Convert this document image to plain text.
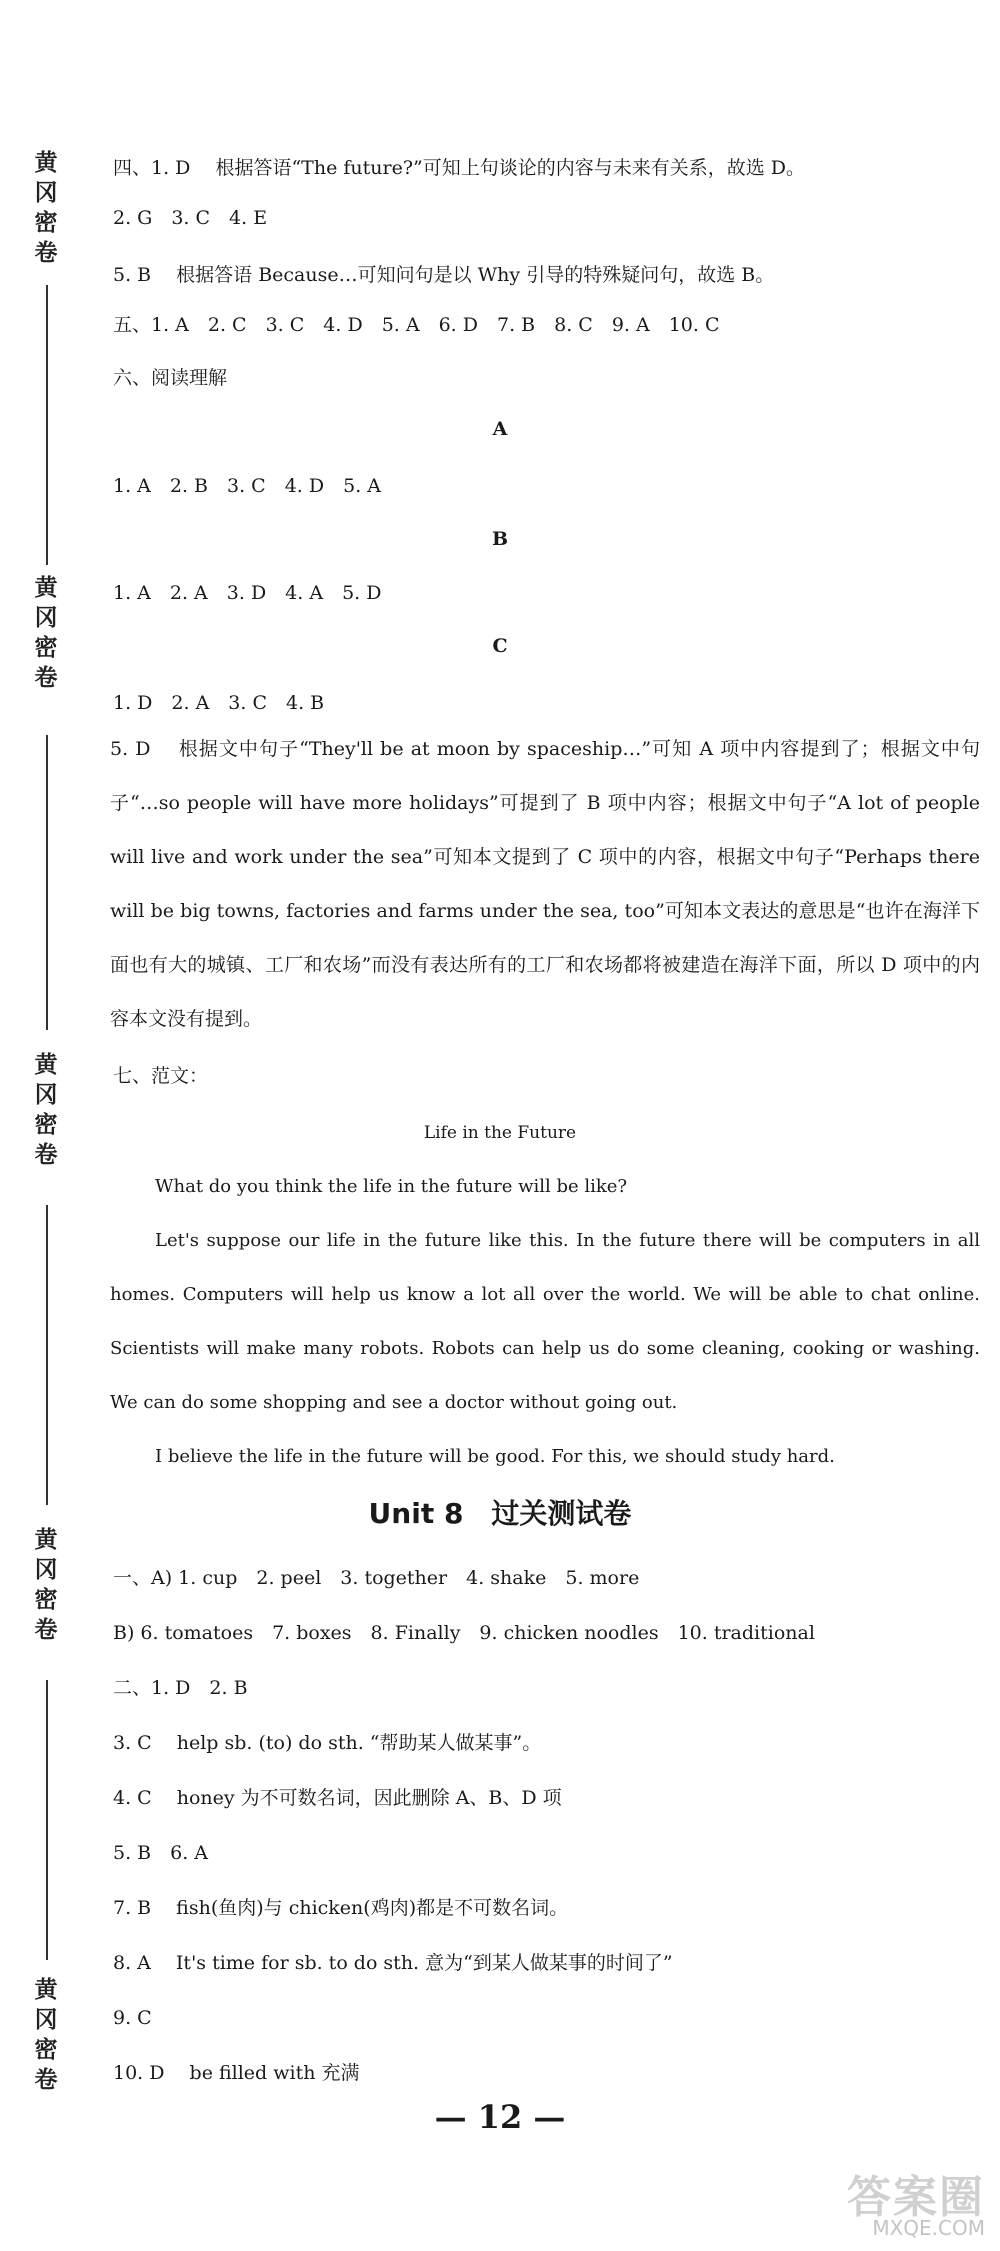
黄冈密卷
黄冈密卷
黄冈密卷
黄冈密卷
黄冈密卷
四、1. D　 根据答语“The future?”可知上句谈论的内容与未来有关系，故选 D。
2. G　3. C　4. E
5. B　 根据答语 Because…可知问句是以 Why 引导的特殊疑问句，故选 B。
五、1. A　2. C　3. C　4. D　5. A　6. D　7. B　8. C　9. A　10. C
六、阅读理解
A
1. A　2. B　3. C　4. D　5. A
B
1. A　2. A　3. D　4. A　5. D
C
1. D　2. A　3. C　4. B
5. D　 根据文中句子“They'll be at moon by spaceship…”可知 A 项中内容提到了；根据文中句子“…so people will have more holidays”可提到了 B 项中内容；根据文中句子“A lot of people will live and work under the sea”可知本文提到了 C 项中的内容，根据文中句子“Perhaps there will be big towns, factories and farms under the sea, too”可知本文表达的意思是“也许在海洋下面也有大的城镇、工厂和农场”而没有表达所有的工厂和农场都将被建造在海洋下面，所以 D 项中的内容本文没有提到。
七、范文：
Life in the Future
What do you think the life in the future will be like?
Let's suppose our life in the future like this. In the future there will be computers in all homes. Computers will help us know a lot all over the world. We will be able to chat online. Scientists will make many robots. Robots can help us do some cleaning, cooking or washing. We can do some shopping and see a doctor without going out.
I believe the life in the future will be good. For this, we should study hard.
Unit 8　过关测试卷
一、A) 1. cup　2. peel　3. together　4. shake　5. more
B) 6. tomatoes　7. boxes　8. Finally　9. chicken noodles　10. traditional
二、1. D　2. B
3. C　 help sb. (to) do sth. “帮助某人做某事”。
4. C　 honey 为不可数名词，因此删除 A、B、D 项
5. B　6. A
7. B　 fish(鱼肉)与 chicken(鸡肉)都是不可数名词。
8. A　 It's time for sb. to do sth. 意为“到某人做某事的时间了”
9. C
10. D　 be filled with 充满
— 12 —
答案圈
MXQE.COM
